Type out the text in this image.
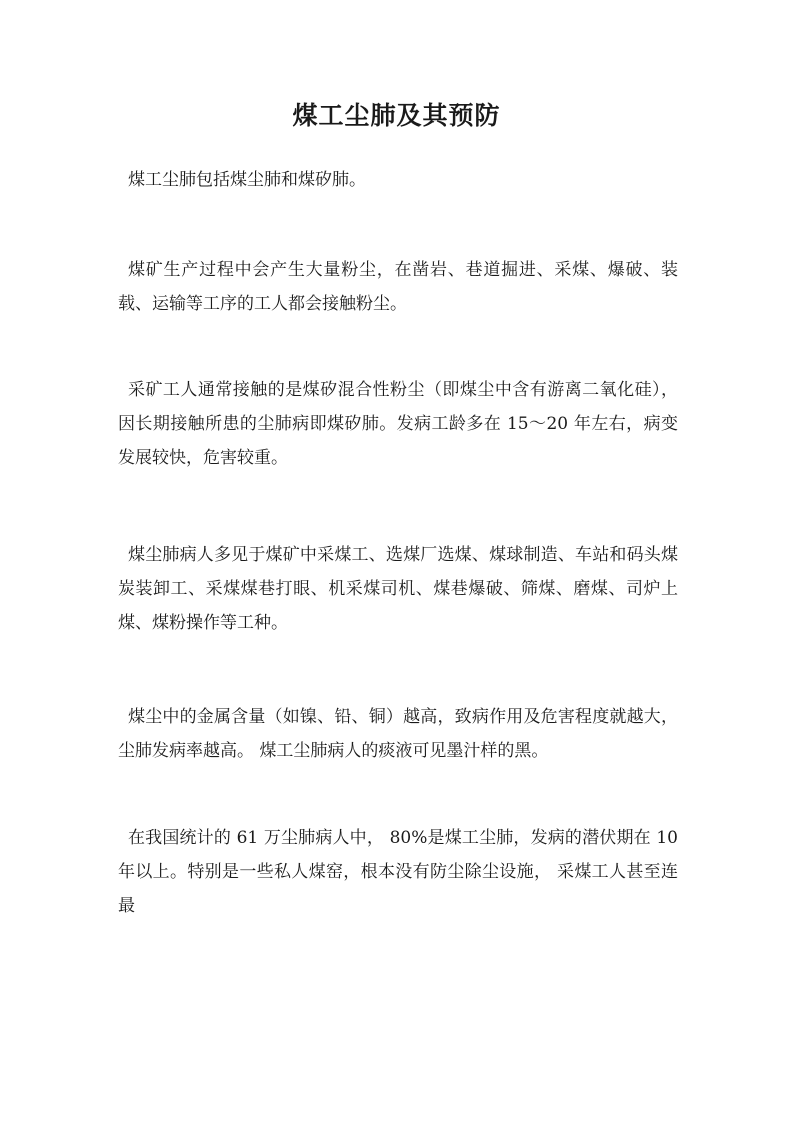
煤工尘肺及其预防

煤工尘肺包括煤尘肺和煤矽肺。

煤矿生产过程中会产生大量粉尘，在凿岩、巷道掘进、采煤、爆破、装载、运输等工序的工人都会接触粉尘。

采矿工人通常接触的是煤矽混合性粉尘（即煤尘中含有游离二氧化硅），因长期接触所患的尘肺病即煤矽肺。发病工龄多在 15～20 年左右，病变发展较快，危害较重。

煤尘肺病人多见于煤矿中采煤工、选煤厂选煤、煤球制造、车站和码头煤炭装卸工、采煤煤巷打眼、机采煤司机、煤巷爆破、筛煤、磨煤、司炉上煤、煤粉操作等工种。

煤尘中的金属含量（如镍、铅、铜）越高，致病作用及危害程度就越大， 尘肺发病率越高。 煤工尘肺病人的痰液可见墨汁样的黑。

在我国统计的 61 万尘肺病人中， 80%是煤工尘肺，发病的潜伏期在 10 年以上。特别是一些私人煤窑，根本没有防尘除尘设施， 采煤工人甚至连最
